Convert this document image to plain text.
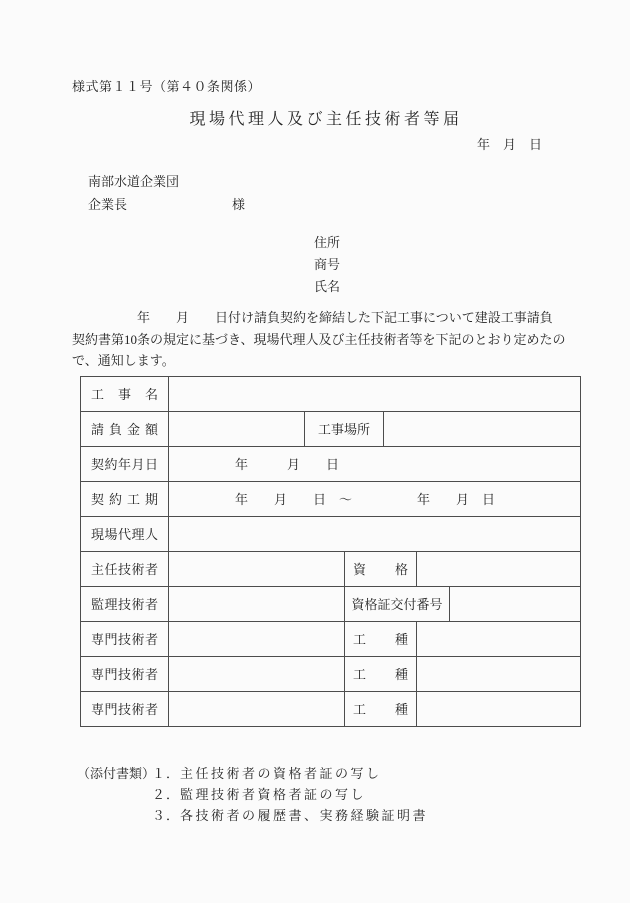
様式第１１号（第４０条関係）
現場代理人及び主任技術者等届
年　月　日
南部水道企業団
企業長	様
住所
商号
氏名
　　　　　年　　月　　日付け請負契約を締結した下記工事について建設工事請負
契約書第10条の規定に基づき、現場代理人及び主任技術者等を下記のとおり定めたの
で、通知します。
工事名						

請負金額		工事場所				

契約年月日	年　　　月　　日					

契約工期	年　　月　　日　～　　　　　年　　月　日					

現場代理人						

主任技術者			資格			

監理技術者			資格証交付番号			

専門技術者			工種			

専門技術者			工種			

専門技術者			工種			

（添付書類）１．主任技術者の資格者証の写し
２．監理技術者資格者証の写し
３．各技術者の履歴書、実務経験証明書
